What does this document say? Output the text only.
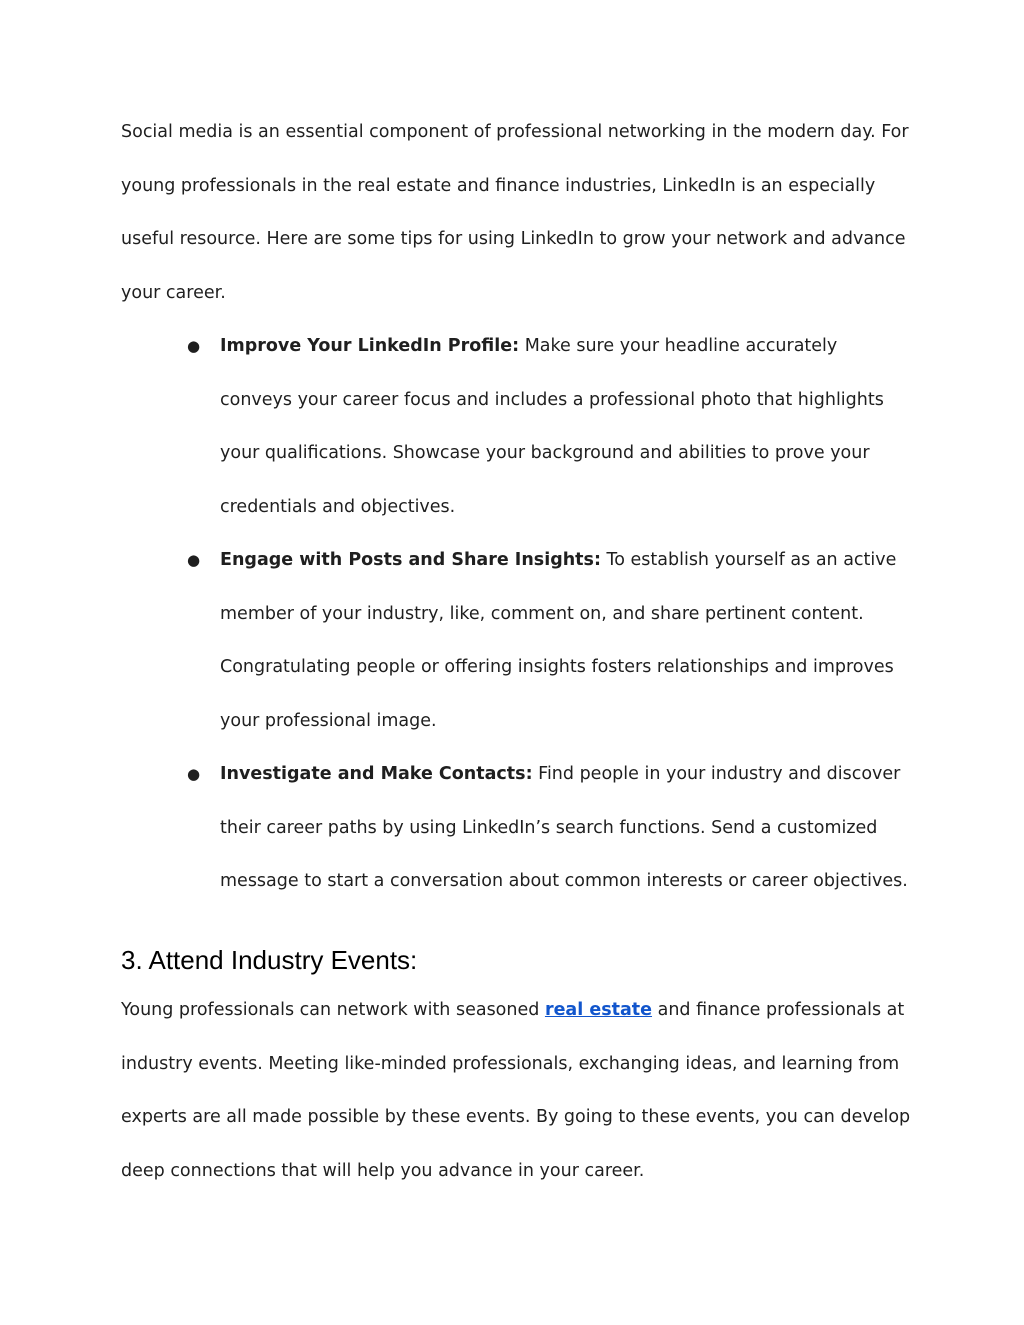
Social media is an essential component of professional networking in the modern day. For young professionals in the real estate and finance industries, LinkedIn is an especially useful resource. Here are some tips for using LinkedIn to grow your network and advance your career.

● Improve Your LinkedIn Profile: Make sure your headline accurately conveys your career focus and includes a professional photo that highlights your qualifications. Showcase your background and abilities to prove your credentials and objectives.
● Engage with Posts and Share Insights: To establish yourself as an active member of your industry, like, comment on, and share pertinent content. Congratulating people or offering insights fosters relationships and improves your professional image.
● Investigate and Make Contacts: Find people in your industry and discover their career paths by using LinkedIn’s search functions. Send a customized message to start a conversation about common interests or career objectives.
3. Attend Industry Events:

Young professionals can network with seasoned real estate and finance professionals at industry events. Meeting like-minded professionals, exchanging ideas, and learning from experts are all made possible by these events. By going to these events, you can develop deep connections that will help you advance in your career.
